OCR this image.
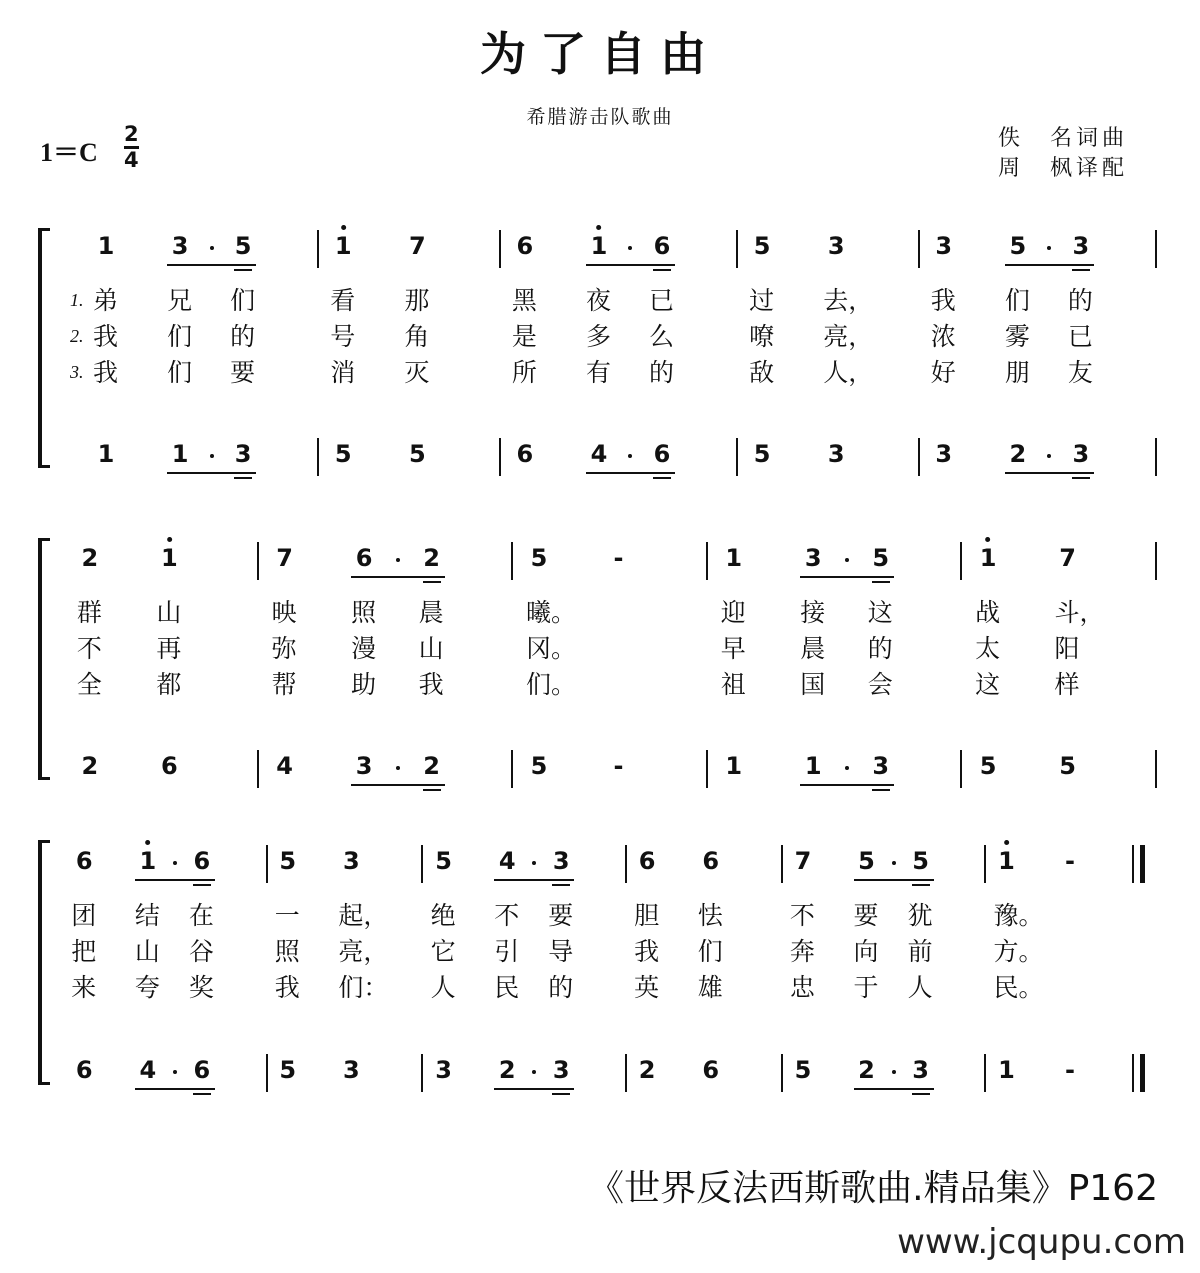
为了自由
希腊游击队歌曲
1＝C
2
4
佚　名词曲
周　枫译配
1 3 5	1 7	6 1 6	5 3	3 5 3
1 1 3	5 5	6 4 6	5 3	3 2 3
1. 弟 兄 们	看 那	黑 夜 已	过 去， 我 们 的
2. 我 们 的	号 角	是 多 么	嘹 亮， 浓 雾 已
3. 我 们 要	消 灭	所 有 的	敌 人， 好 朋 友
2	1	7	6 2	5	-	1	3 5	1	7
2	6	4	3 2	5	-	1	1 3	5	5
群 山	映 照 晨	曦。	迎 接 这	战 斗，
不 再	弥 漫 山	冈。	早 晨 的	太 阳
全 都	帮 助 我	们。	祖 国 会	这 样
6 1 6	5 3	5 4 3	6 6	7 5 5	1 -
6 4 6	5 3	3 2 3	2 6	5 2 3	1 -
团 结 在 一 起， 绝 不 要 胆 怯	不 要 犹 豫。
把 山 谷 照 亮， 它 引 导 我 们	奔 向 前 方。
来 夸 奖 我 们： 人 民 的 英 雄	忠 于 人 民。
《世界反法西斯歌曲.精品集》P162
www.jcqupu.com
